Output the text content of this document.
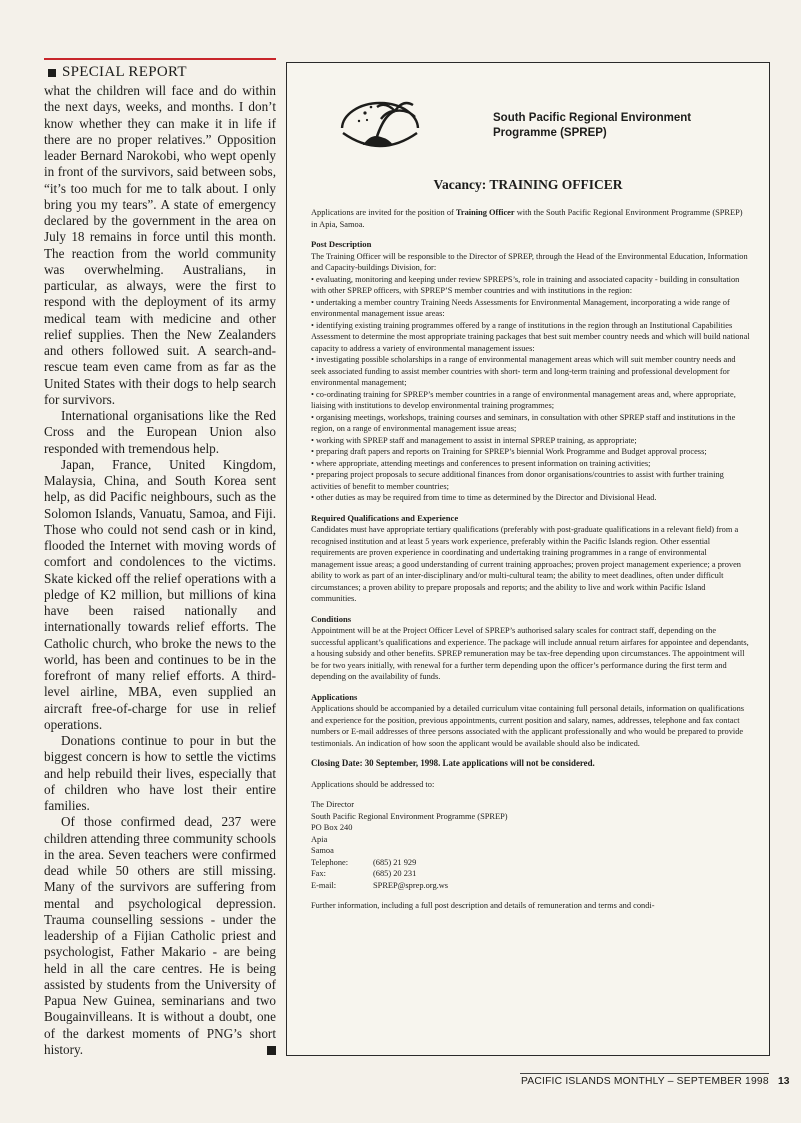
SPECIAL REPORT

what the children will face and do within the next days, weeks, and months. I don’t know whether they can make it in life if there are no proper relatives.” Opposition leader Bernard Narokobi, who wept openly in front of the survivors, said between sobs, “it’s too much for me to talk about. I only bring you my tears”. A state of emergency declared by the government in the area on July 18 remains in force until this month. The reaction from the world community was overwhelming. Australians, in particular, as always, were the first to respond with the deployment of its army medical team with medicine and other relief supplies. Then the New Zealanders and others followed suit. A search-and-rescue team even came from as far as the United States with their dogs to help search for survivors.

International organisations like the Red Cross and the European Union also responded with tremendous help.

Japan, France, United Kingdom, Malaysia, China, and South Korea sent help, as did Pacific neighbours, such as the Solomon Islands, Vanuatu, Samoa, and Fiji. Those who could not send cash or in kind, flooded the Internet with moving words of comfort and condolences to the victims. Skate kicked off the relief operations with a pledge of K2 million, but millions of kina have been raised nationally and internationally towards relief efforts. The Catholic church, who broke the news to the world, has been and continues to be in the forefront of many relief efforts. A third-level airline, MBA, even supplied an aircraft free-of-charge for use in relief operations.

Donations continue to pour in but the biggest concern is how to settle the victims and help rebuild their lives, especially that of children who have lost their entire families.

Of those confirmed dead, 237 were children attending three community schools in the area. Seven teachers were confirmed dead while 50 others are still missing. Many of the survivors are suffering from mental and psychological depression. Trauma counselling sessions - under the leadership of a Fijian Catholic priest and psychologist, Father Makario - are being held in all the care centres. He is being assisted by students from the University of Papua New Guinea, seminarians and two Bougainvilleans. It is without a doubt, one of the darkest moments of PNG’s short history.

South Pacific Regional Environment
Programme (SPREP)
Vacancy: TRAINING OFFICER

Applications are invited for the position of Training Officer with the South Pacific Regional Environment Programme (SPREP) in Apia, Samoa.

Post Description

The Training Officer will be responsible to the Director of SPREP, through the Head of the Environmental Education, Information and Capacity-buildings Division, for:

• evaluating, monitoring and keeping under review SPREPS’s, role in training and associated capacity - building in consultation with other SPREP officers, with SPREP’S member countries and with institutions in the region:

• undertaking a member country Training Needs Assessments for Environmental Management, incorporating a wide range of environmental management issue areas:

• identifying existing training programmes offered by a range of institutions in the region through an Institutional Capabilities Assessment to determine the most appropriate training packages that best suit member country needs and which will build national capacity to address a variety of environmental management issues:

• investigating possible scholarships in a range of environmental management areas which will suit member country needs and seek associated funding to assist member countries with short- term and long-term training and professional development for environmental management;

• co-ordinating training for SPREP’s member countries in a range of environmental management areas and, where appropriate, liaising with institutions to develop environmental training programmes;

• organising meetings, workshops, training courses and seminars, in consultation with other SPREP staff and institutions in the region, on a range of environmental management issue areas;

• working with SPREP staff and management to assist in internal SPREP training, as appropriate;

• preparing draft papers and reports on Training for SPREP’s biennial Work Programme and Budget approval process;

• where appropriate, attending meetings and conferences to present information on training activities;

• preparing project proposals to secure additional finances from donor organisations/countries to assist with further training activities of benefit to member countries;

• other duties as may be required from time to time as determined by the Director and Divisional Head.

Required Qualifications and Experience

Candidates must have appropriate tertiary qualifications (preferably with post-graduate qualifications in a relevant field) from a recognised institution and at least 5 years work experience, preferably within the Pacific Islands region. Other essential requirements are proven experience in coordinating and undertaking training programmes in a range of environmental management issue areas; a good understanding of current training approaches; proven project management experience; a proven ability to work as part of an inter-disciplinary and/or multi-cultural team; the ability to meet deadlines, often under difficult circumstances; a proven ability to prepare proposals and reports; and the ability to live and work within Pacific Island communities.

Conditions

Appointment will be at the Project Officer Level of SPREP’s authorised salary scales for contract staff, depending on the successful applicant’s qualifications and experience. The package will include annual return airfares for appointee and dependants, a housing subsidy and other benefits. SPREP remuneration may be tax-free depending upon circumstances. The appointment will be for two years initially, with renewal for a further term depending upon the officer’s performance during the first term and depending on the availability of funds.

Applications

Applications should be accompanied by a detailed curriculum vitae containing full personal details, information on qualifications and experience for the position, previous appointments, current position and salary, names, addresses, telephone and fax contact numbers or E-mail addresses of three persons associated with the applicant professionally and who would be prepared to provide testimonials. An indication of how soon the applicant would be available should also be indicated.

Closing Date: 30 September, 1998. Late applications will not be considered.

Applications should be addressed to:

The Director

South Pacific Regional Environment Programme (SPREP)

PO Box 240

Apia

Samoa

Telephone:	(685) 21 929
Fax:	(685) 20 231
E-mail:	SPREP@sprep.org.ws

Further information, including a full post description and details of remuneration and terms and condi-

PACIFIC ISLANDS MONTHLY – SEPTEMBER 1998 13
